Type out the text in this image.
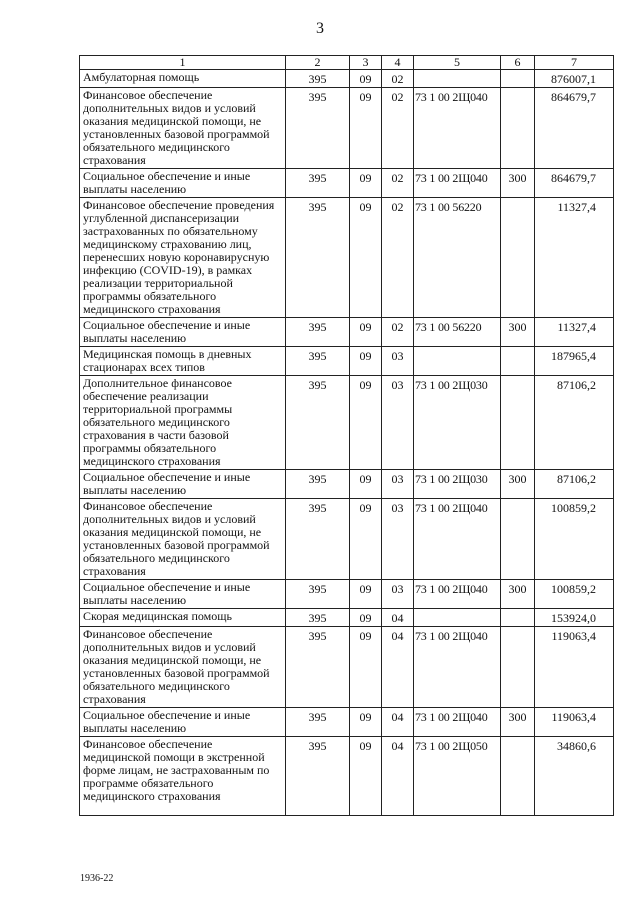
3
1	2	3	4	5	6	7
Амбулаторная помощь	395	09	02			876007,1
Финансовое обеспечение дополнительных видов и условий оказания медицинской помощи, не установленных базовой программой обязательного медицинского страхования	395	09	02	73 1 00 2Щ040		864679,7
Социальное обеспечение и иные выплаты населению	395	09	02	73 1 00 2Щ040	300	864679,7
Финансовое обеспечение проведения углубленной диспансеризации застрахованных по обязательному медицинскому страхованию лиц, перенесших новую коронавирусную инфекцию (COVID-19), в рамках реализации территориальной программы обязательного медицинского страхования	395	09	02	73 1 00 56220		11327,4
Социальное обеспечение и иные выплаты населению	395	09	02	73 1 00 56220	300	11327,4
Медицинская помощь в дневных стационарах всех типов	395	09	03			187965,4
Дополнительное финансовое обеспечение реализации территориальной программы обязательного медицинского страхования в части базовой программы обязательного медицинского страхования	395	09	03	73 1 00 2Щ030		87106,2
Социальное обеспечение и иные выплаты населению	395	09	03	73 1 00 2Щ030	300	87106,2
Финансовое обеспечение дополнительных видов и условий оказания медицинской помощи, не установленных базовой программой обязательного медицинского страхования	395	09	03	73 1 00 2Щ040		100859,2
Социальное обеспечение и иные выплаты населению	395	09	03	73 1 00 2Щ040	300	100859,2
Скорая медицинская помощь	395	09	04			153924,0
Финансовое обеспечение дополнительных видов и условий оказания медицинской помощи, не установленных базовой программой обязательного медицинского страхования	395	09	04	73 1 00 2Щ040		119063,4
Социальное обеспечение и иные выплаты населению	395	09	04	73 1 00 2Щ040	300	119063,4
Финансовое обеспечение медицинской помощи в экстренной форме лицам, не застрахованным по программе обязательного медицинского страхования	395	09	04	73 1 00 2Щ050		34860,6
1936-22
